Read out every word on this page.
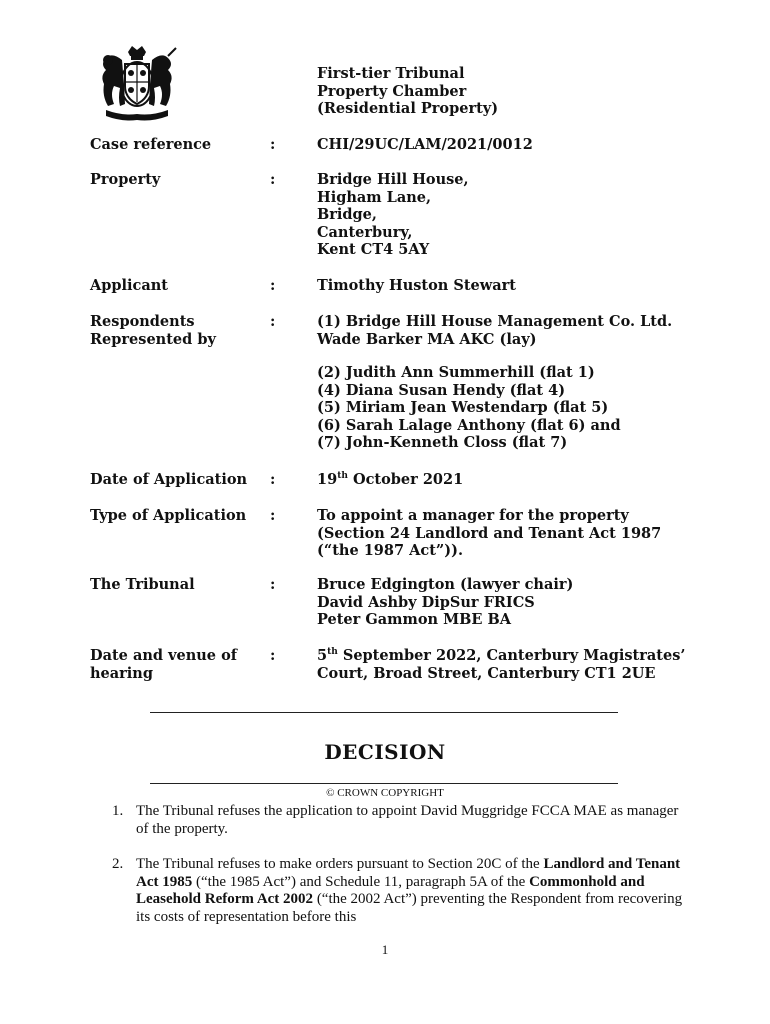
First-tier Tribunal
Property Chamber
(Residential Property)
Case reference	:	CHI/29UC/LAM/2021/0012
Property	:	Bridge Hill House,
Higham Lane,
Bridge,
Canterbury,
Kent CT4 5AY
Applicant	:	Timothy Huston Stewart
Respondents
Represented by
:	(1) Bridge Hill House Management Co. Ltd.
Wade Barker MA AKC (lay)
(2) Judith Ann Summerhill (flat 1)
(4) Diana Susan Hendy (flat 4)
(5) Miriam Jean Westendarp (flat 5)
(6) Sarah Lalage Anthony (flat 6) and
(7) John-Kenneth Closs (flat 7)
Date of Application :	19th October 2021
Type of Application :	To appoint a manager for the property
(Section 24 Landlord and Tenant Act 1987
(“the 1987 Act”)).
The Tribunal	:	Bruce Edgington (lawyer chair)
David Ashby DipSur FRICS
Peter Gammon MBE BA
Date and venue of
hearing
:	5th September 2022, Canterbury Magistrates’
Court, Broad Street, Canterbury CT1 2UE
DECISION
© CROWN COPYRIGHT
1. The Tribunal refuses the application to appoint David Muggridge FCCA MAE as manager of the property.
2. The Tribunal refuses to make orders pursuant to Section 20C of the Landlord and Tenant Act 1985 (“the 1985 Act”) and Schedule 11, paragraph 5A of the Commonhold and Leasehold Reform Act 2002 (“the 2002 Act”) preventing the Respondent from recovering its costs of representation before this
1
